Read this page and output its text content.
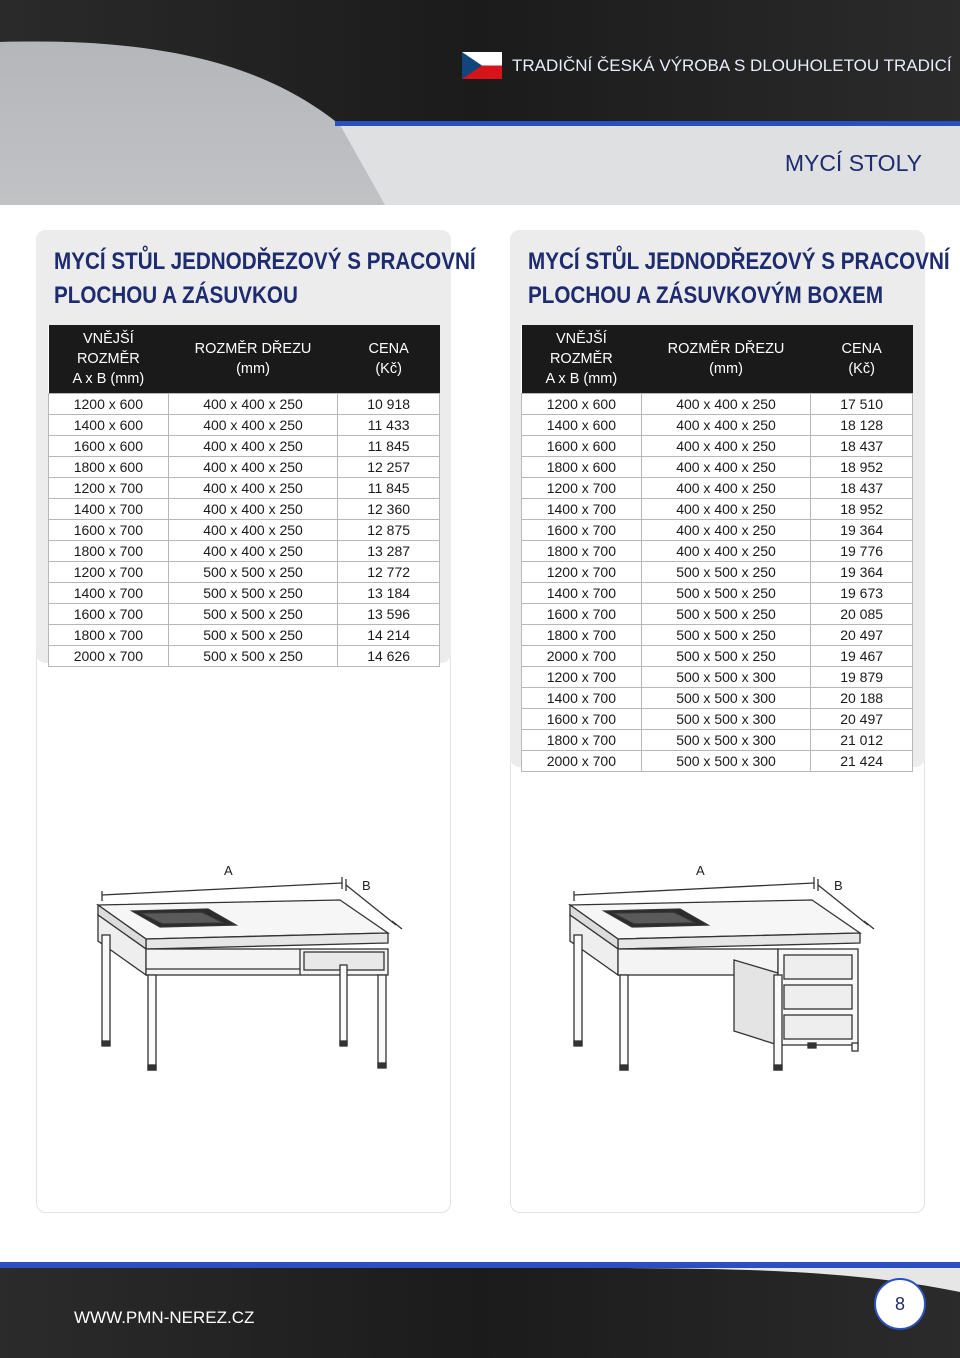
TRADIČNÍ ČESKÁ VÝROBA S DLOUHOLETOU TRADICÍ
MYCÍ STOLY
MYCÍ STŮL JEDNODŘEZOVÝ S PRACOVNÍ
PLOCHOU A ZÁSUVKOU
VNĚJŠÍ ROZMĚR
A x B (mm)	ROZMĚR DŘEZU
(mm)	CENA
(Kč)

1200 x 600	400 x 400 x 250	10 918
1400 x 600	400 x 400 x 250	11 433
1600 x 600	400 x 400 x 250	11 845
1800 x 600	400 x 400 x 250	12 257
1200 x 700	400 x 400 x 250	11 845
1400 x 700	400 x 400 x 250	12 360
1600 x 700	400 x 400 x 250	12 875
1800 x 700	400 x 400 x 250	13 287
1200 x 700	500 x 500 x 250	12 772
1400 x 700	500 x 500 x 250	13 184
1600 x 700	500 x 500 x 250	13 596
1800 x 700	500 x 500 x 250	14 214
2000 x 700	500 x 500 x 250	14 626
MYCÍ STŮL JEDNODŘEZOVÝ S PRACOVNÍ
PLOCHOU A ZÁSUVKOVÝM BOXEM
VNĚJŠÍ ROZMĚR
A x B (mm)	ROZMĚR DŘEZU
(mm)	CENA
(Kč)

1200 x 600	400 x 400 x 250	17 510
1400 x 600	400 x 400 x 250	18 128
1600 x 600	400 x 400 x 250	18 437
1800 x 600	400 x 400 x 250	18 952
1200 x 700	400 x 400 x 250	18 437
1400 x 700	400 x 400 x 250	18 952
1600 x 700	400 x 400 x 250	19 364
1800 x 700	400 x 400 x 250	19 776
1200 x 700	500 x 500 x 250	19 364
1400 x 700	500 x 500 x 250	19 673
1600 x 700	500 x 500 x 250	20 085
1800 x 700	500 x 500 x 250	20 497
2000 x 700	500 x 500 x 250	19 467
1200 x 700	500 x 500 x 300	19 879
1400 x 700	500 x 500 x 300	20 188
1600 x 700	500 x 500 x 300	20 497
1800 x 700	500 x 500 x 300	21 012
2000 x 700	500 x 500 x 300	21 424
A
B
A
B
WWW.PMN-NEREZ.CZ
8
